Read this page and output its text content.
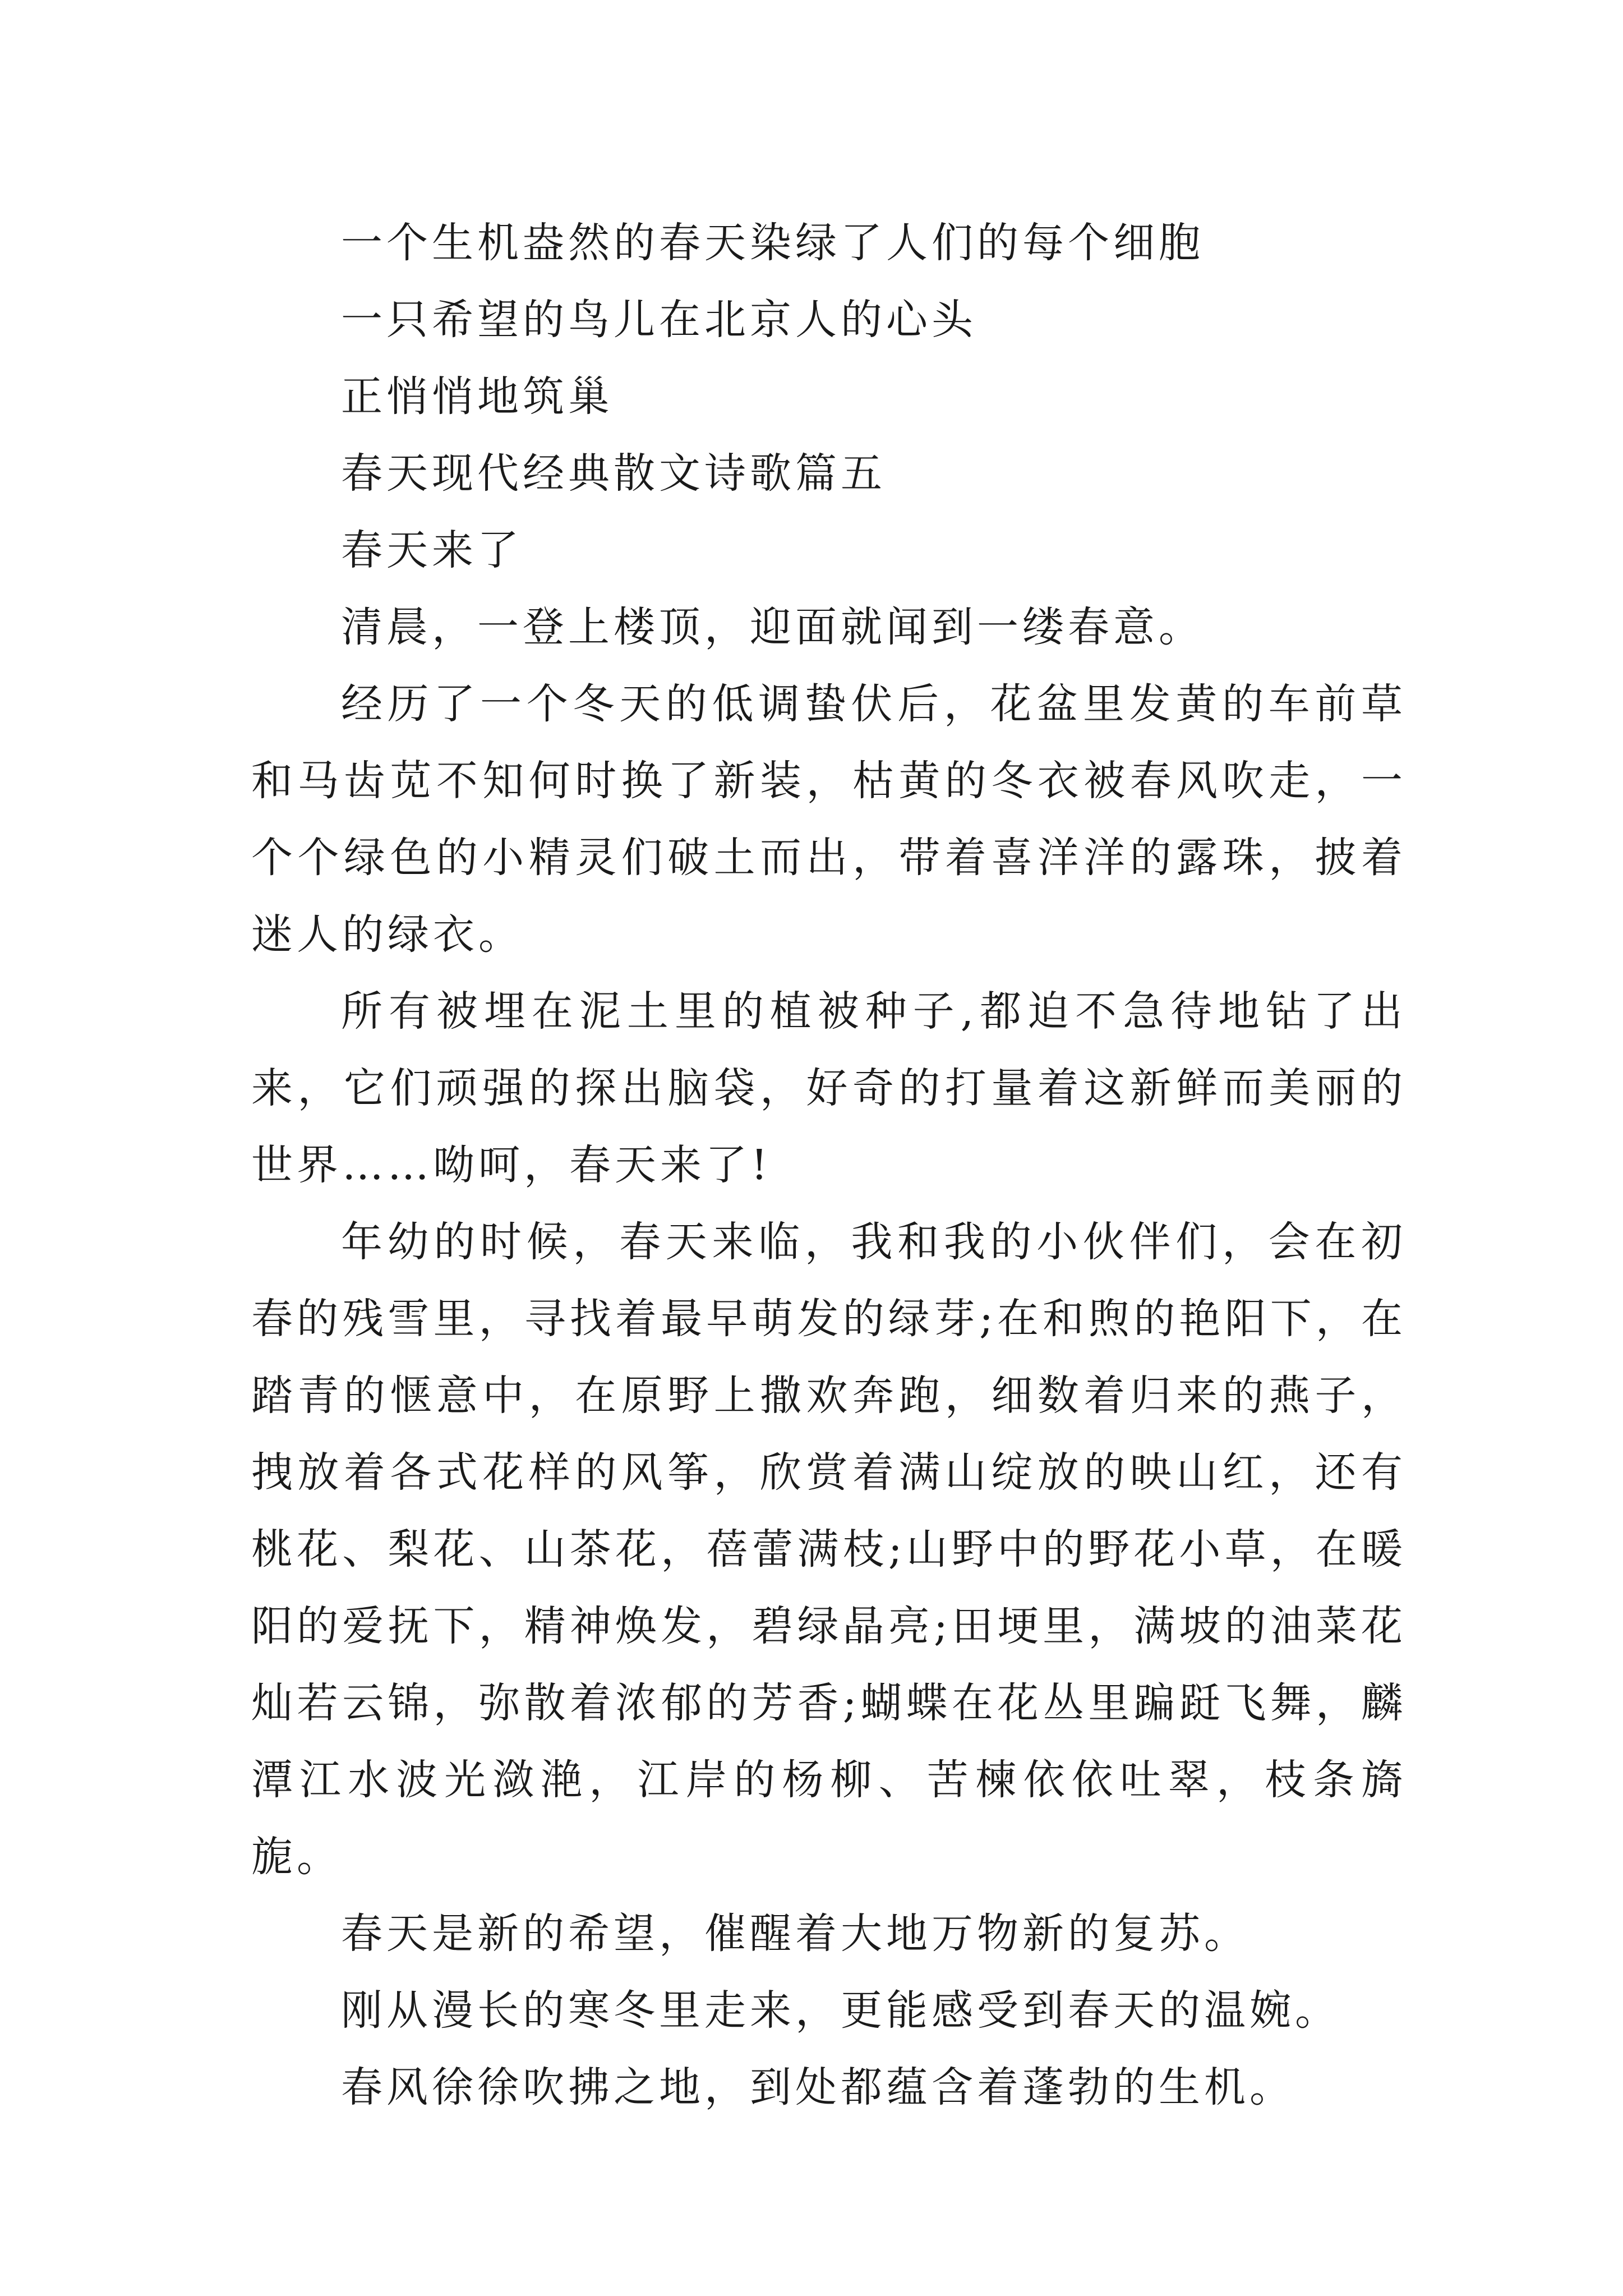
一个生机盎然的春天染绿了人们的每个细胞

一只希望的鸟儿在北京人的心头

正悄悄地筑巢

春天现代经典散文诗歌篇五

春天来了

清晨，一登上楼顶，迎面就闻到一缕春意。

经历了一个冬天的低调蛰伏后，花盆里发黄的车前草和马齿苋不知何时换了新装，枯黄的冬衣被春风吹走，一个个绿色的小精灵们破土而出，带着喜洋洋的露珠，披着迷人的绿衣。

所有被埋在泥土里的植被种子,都迫不急待地钻了出来，它们顽强的探出脑袋，好奇的打量着这新鲜而美丽的世界……呦呵，春天来了!

年幼的时候，春天来临，我和我的小伙伴们，会在初春的残雪里，寻找着最早萌发的绿芽;在和煦的艳阳下，在踏青的惬意中，在原野上撒欢奔跑，细数着归来的燕子，拽放着各式花样的风筝，欣赏着满山绽放的映山红，还有桃花、梨花、山茶花，蓓蕾满枝;山野中的野花小草，在暖阳的爱抚下，精神焕发，碧绿晶亮;田埂里，满坡的油菜花灿若云锦，弥散着浓郁的芳香;蝴蝶在花丛里蹁跹飞舞，麟潭江水波光潋滟，江岸的杨柳、苦楝依依吐翠，枝条旖旎。

春天是新的希望，催醒着大地万物新的复苏。

刚从漫长的寒冬里走来，更能感受到春天的温婉。

春风徐徐吹拂之地，到处都蕴含着蓬勃的生机。
